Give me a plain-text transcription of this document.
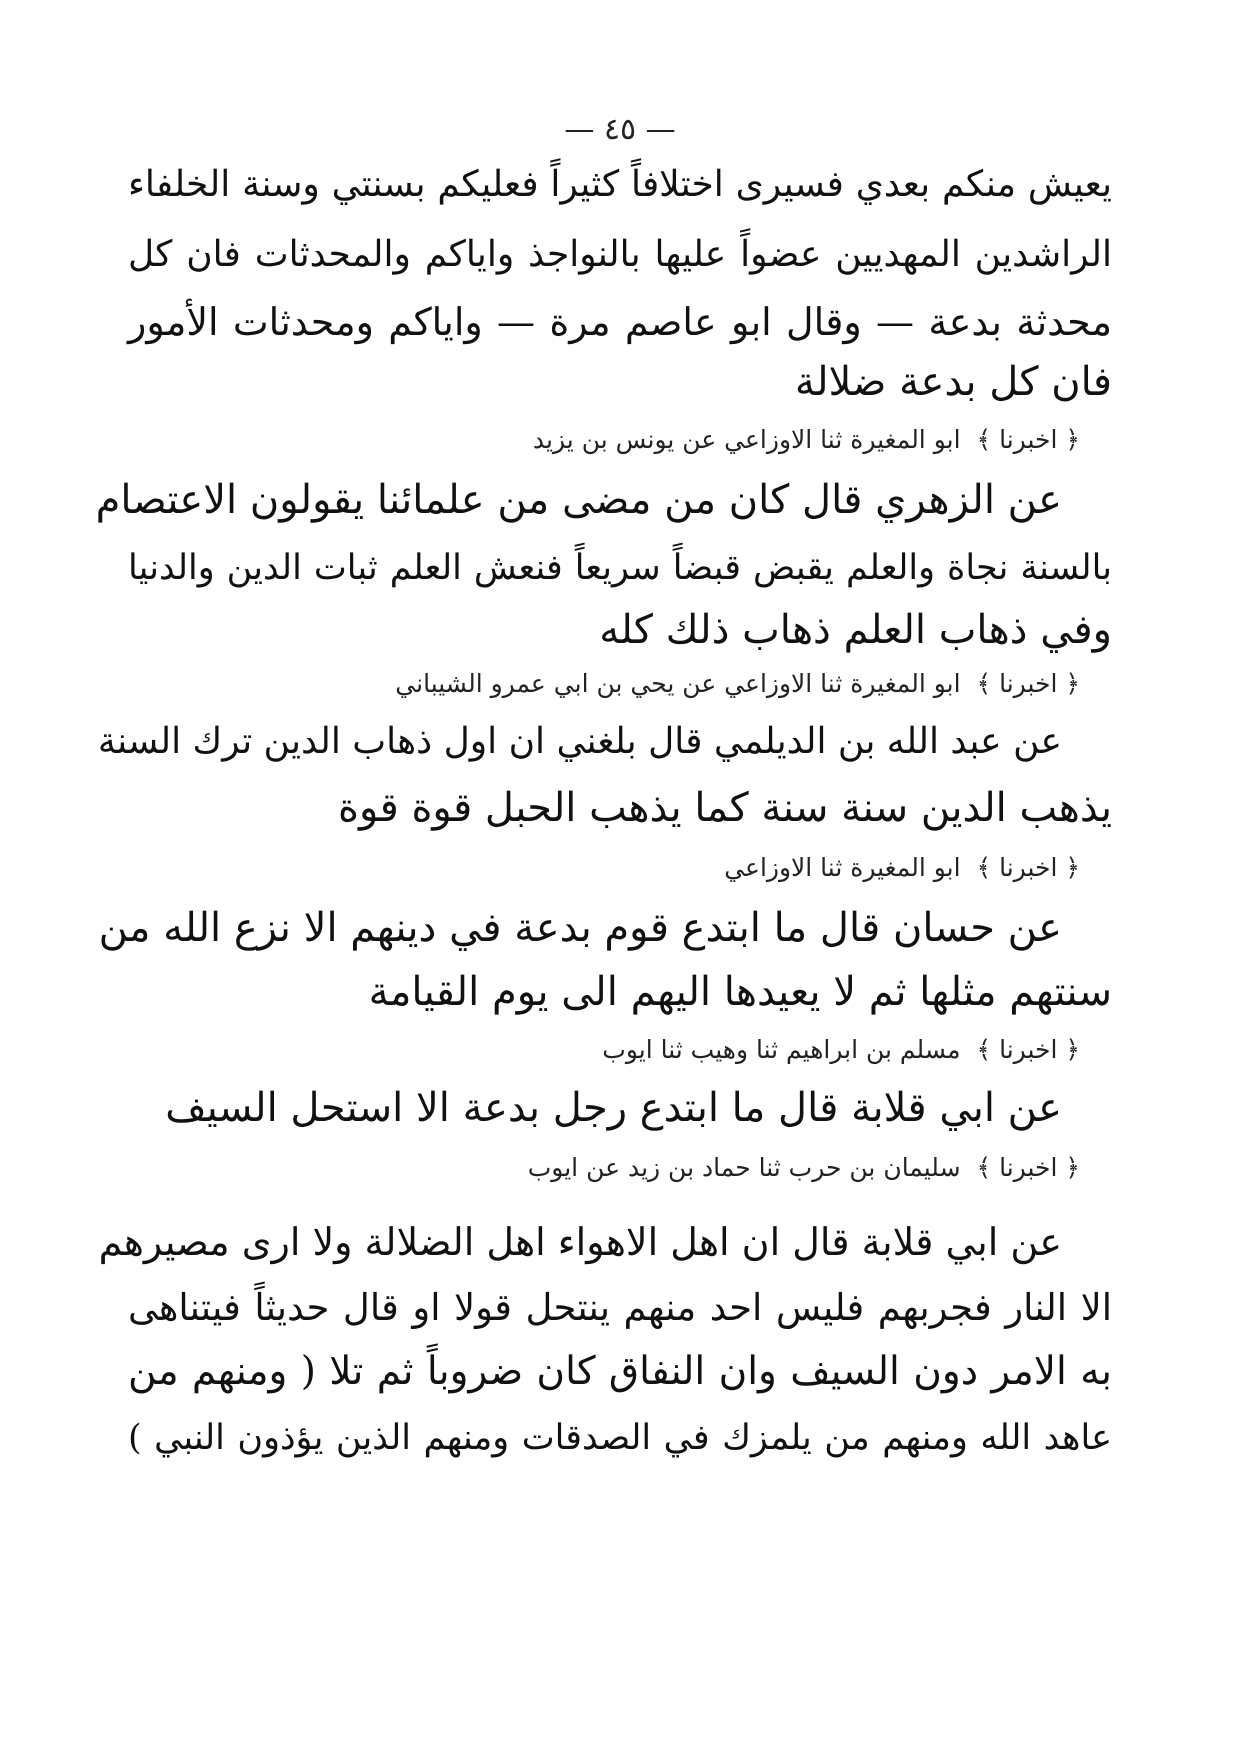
— ٤٥ —
يعيش منكم بعدي فسيرى اختلافاً كثيراً فعليكم بسنتي وسنة الخلفاء
الراشدين المهديين عضواً عليها بالنواجذ واياكم والمحدثات فان كل
محدثة بدعة — وقال ابو عاصم مرة — واياكم ومحدثات الأمور
فان كل بدعة ضلالة
﴿ اخبرنا ﴾ ابو المغيرة ثنا الاوزاعي عن يونس بن يزيد
عن الزهري قال كان من مضى من علمائنا يقولون الاعتصام
بالسنة نجاة والعلم يقبض قبضاً سريعاً فنعش العلم ثبات الدين والدنيا
وفي ذهاب العلم ذهاب ذلك كله
﴿ اخبرنا ﴾ ابو المغيرة ثنا الاوزاعي عن يحي بن ابي عمرو الشيباني
عن عبد الله بن الديلمي قال بلغني ان اول ذهاب الدين ترك السنة
يذهب الدين سنة سنة كما يذهب الحبل قوة قوة
﴿ اخبرنا ﴾ ابو المغيرة ثنا الاوزاعي
عن حسان قال ما ابتدع قوم بدعة في دينهم الا نزع الله من
سنتهم مثلها ثم لا يعيدها اليهم الى يوم القيامة
﴿ اخبرنا ﴾ مسلم بن ابراهيم ثنا وهيب ثنا ايوب
عن ابي قلابة قال ما ابتدع رجل بدعة الا استحل السيف
﴿ اخبرنا ﴾ سليمان بن حرب ثنا حماد بن زيد عن ايوب
عن ابي قلابة قال ان اهل الاهواء اهل الضلالة ولا ارى مصيرهم
الا النار فجربهم فليس احد منهم ينتحل قولا او قال حديثاً فيتناهى
به الامر دون السيف وان النفاق كان ضروباً ثم تلا ( ومنهم من
عاهد الله ومنهم من يلمزك في الصدقات ومنهم الذين يؤذون النبي )
